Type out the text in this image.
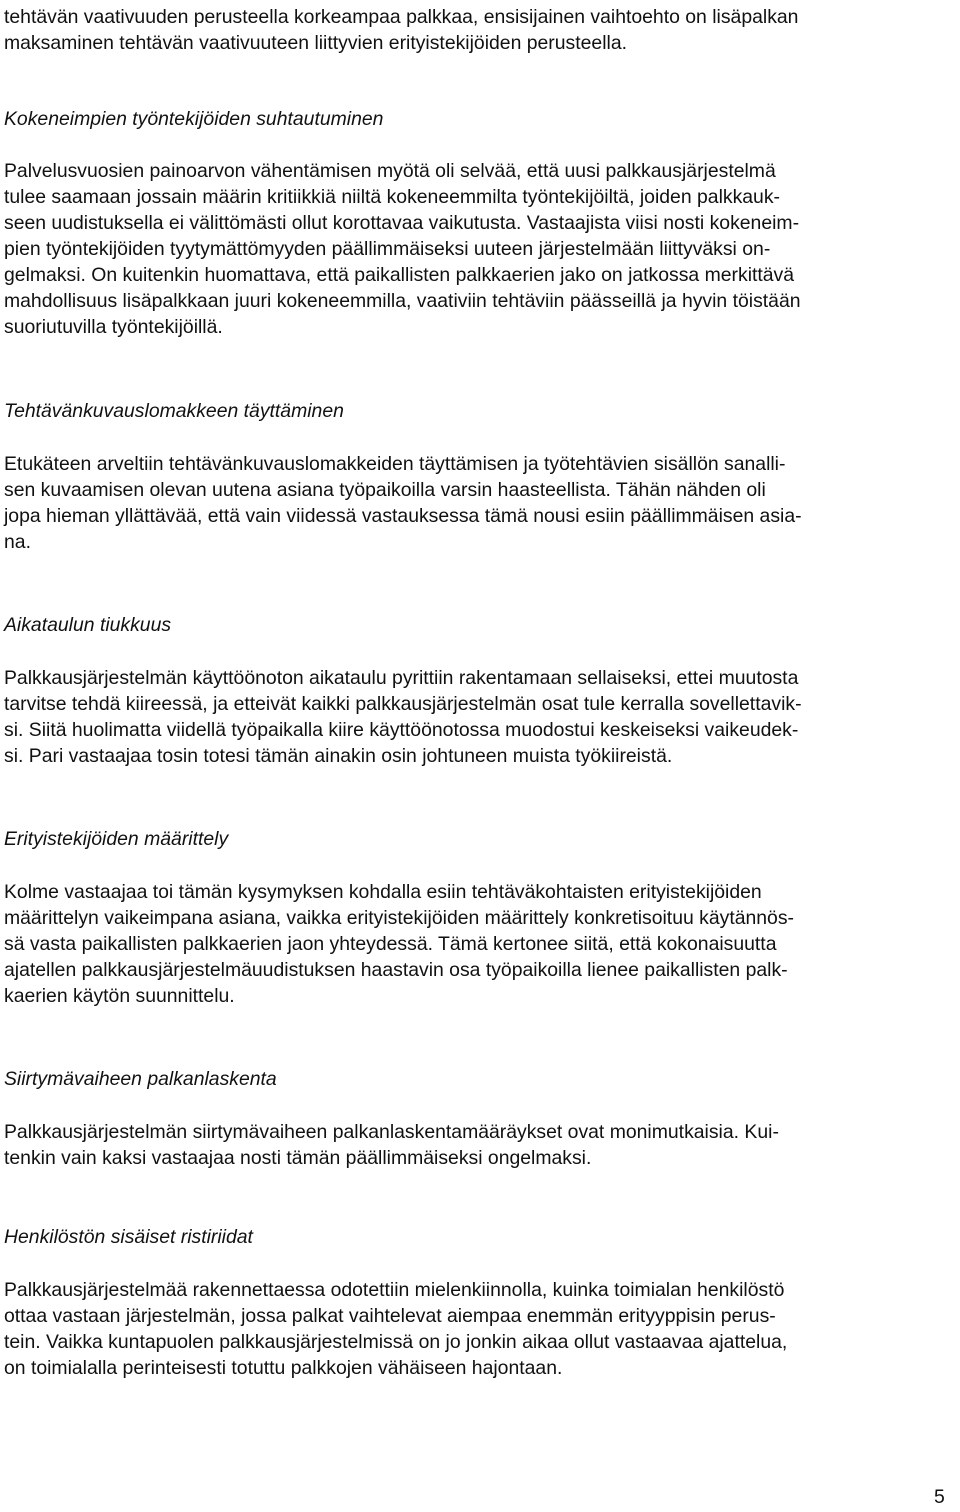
tehtävän vaativuuden perusteella korkeampaa palkkaa, ensisijainen vaihtoehto on lisäpalkan
maksaminen tehtävän vaativuuteen liittyvien erityistekijöiden perusteella.
Kokeneimpien työntekijöiden suhtautuminen
Palvelusvuosien painoarvon vähentämisen myötä oli selvää, että uusi palkkausjärjestelmä
tulee saamaan jossain määrin kritiikkiä niiltä kokeneemmilta työntekijöiltä, joiden palkkauk-
seen uudistuksella ei välittömästi ollut korottavaa vaikutusta. Vastaajista viisi nosti kokeneim-
pien työntekijöiden tyytymättömyyden päällimmäiseksi uuteen järjestelmään liittyväksi on-
gelmaksi. On kuitenkin huomattava, että paikallisten palkkaerien jako on jatkossa merkittävä
mahdollisuus lisäpalkkaan juuri kokeneemmilla, vaativiin tehtäviin päässeillä ja hyvin töistään
suoriutuvilla työntekijöillä.
Tehtävänkuvauslomakkeen täyttäminen
Etukäteen arveltiin tehtävänkuvauslomakkeiden täyttämisen ja työtehtävien sisällön sanalli-
sen kuvaamisen olevan uutena asiana työpaikoilla varsin haasteellista. Tähän nähden oli
jopa hieman yllättävää, että vain viidessä vastauksessa tämä nousi esiin päällimmäisen asia-
na.
Aikataulun tiukkuus
Palkkausjärjestelmän käyttöönoton aikataulu pyrittiin rakentamaan sellaiseksi, ettei muutosta
tarvitse tehdä kiireessä, ja etteivät kaikki palkkausjärjestelmän osat tule kerralla sovellettavik-
si. Siitä huolimatta viidellä työpaikalla kiire käyttöönotossa muodostui keskeiseksi vaikeudek-
si. Pari vastaajaa tosin totesi tämän ainakin osin johtuneen muista työkiireistä.
Erityistekijöiden määrittely
Kolme vastaajaa toi tämän kysymyksen kohdalla esiin tehtäväkohtaisten erityistekijöiden
määrittelyn vaikeimpana asiana, vaikka erityistekijöiden määrittely konkretisoituu käytännös-
sä vasta paikallisten palkkaerien jaon yhteydessä. Tämä kertonee siitä, että kokonaisuutta
ajatellen palkkausjärjestelmäuudistuksen haastavin osa työpaikoilla lienee paikallisten palk-
kaerien käytön suunnittelu.
Siirtymävaiheen palkanlaskenta
Palkkausjärjestelmän siirtymävaiheen palkanlaskentamääräykset ovat monimutkaisia. Kui-
tenkin vain kaksi vastaajaa nosti tämän päällimmäiseksi ongelmaksi.
Henkilöstön sisäiset ristiriidat
Palkkausjärjestelmää rakennettaessa odotettiin mielenkiinnolla, kuinka toimialan henkilöstö
ottaa vastaan järjestelmän, jossa palkat vaihtelevat aiempaa enemmän erityyppisin perus-
tein. Vaikka kuntapuolen palkkausjärjestelmissä on jo jonkin aikaa ollut vastaavaa ajattelua,
on toimialalla perinteisesti totuttu palkkojen vähäiseen hajontaan.
5
